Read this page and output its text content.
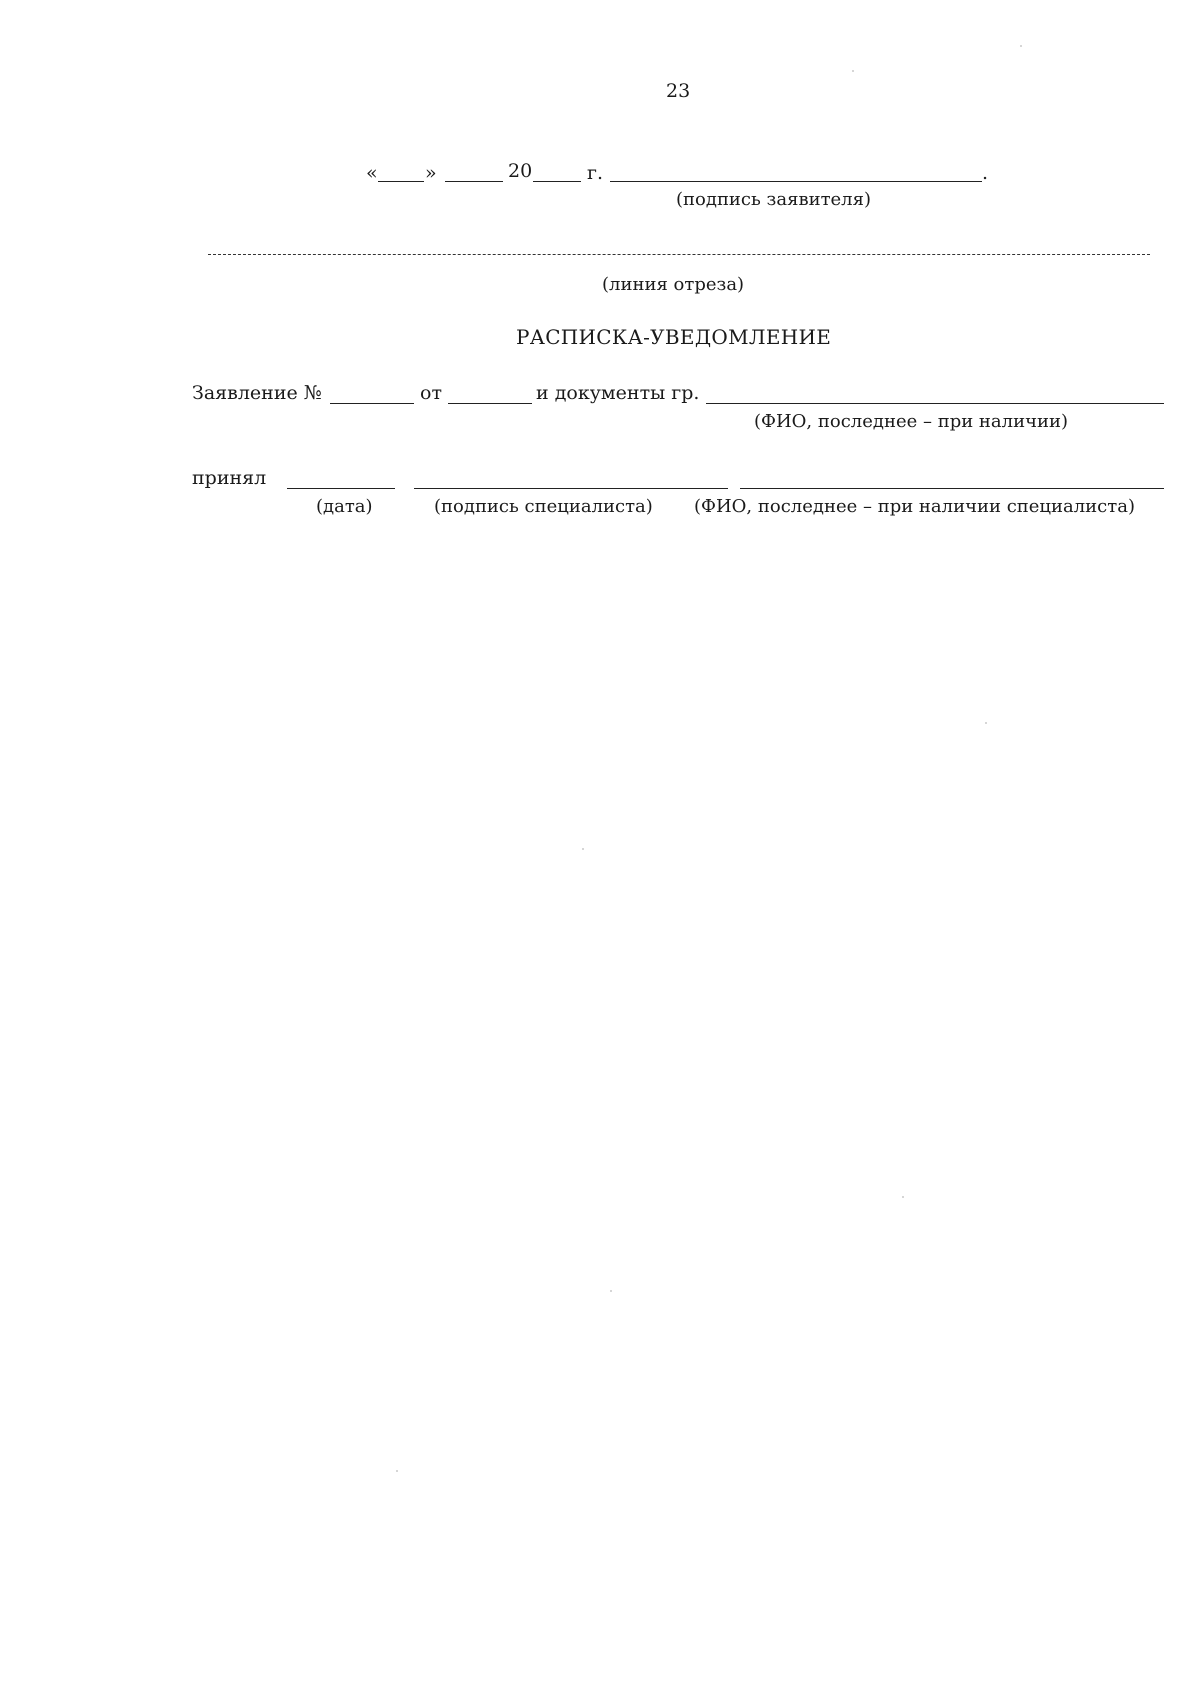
23
« »	20	г.	.
(подпись заявителя)
(линия отреза)
РАСПИСКА-УВЕДОМЛЕНИЕ
Заявление №	от	и документы гр.
(ФИО, последнее – при наличии)
принял
(дата)	(подпись специалиста) (ФИО, последнее – при наличии специалиста)
